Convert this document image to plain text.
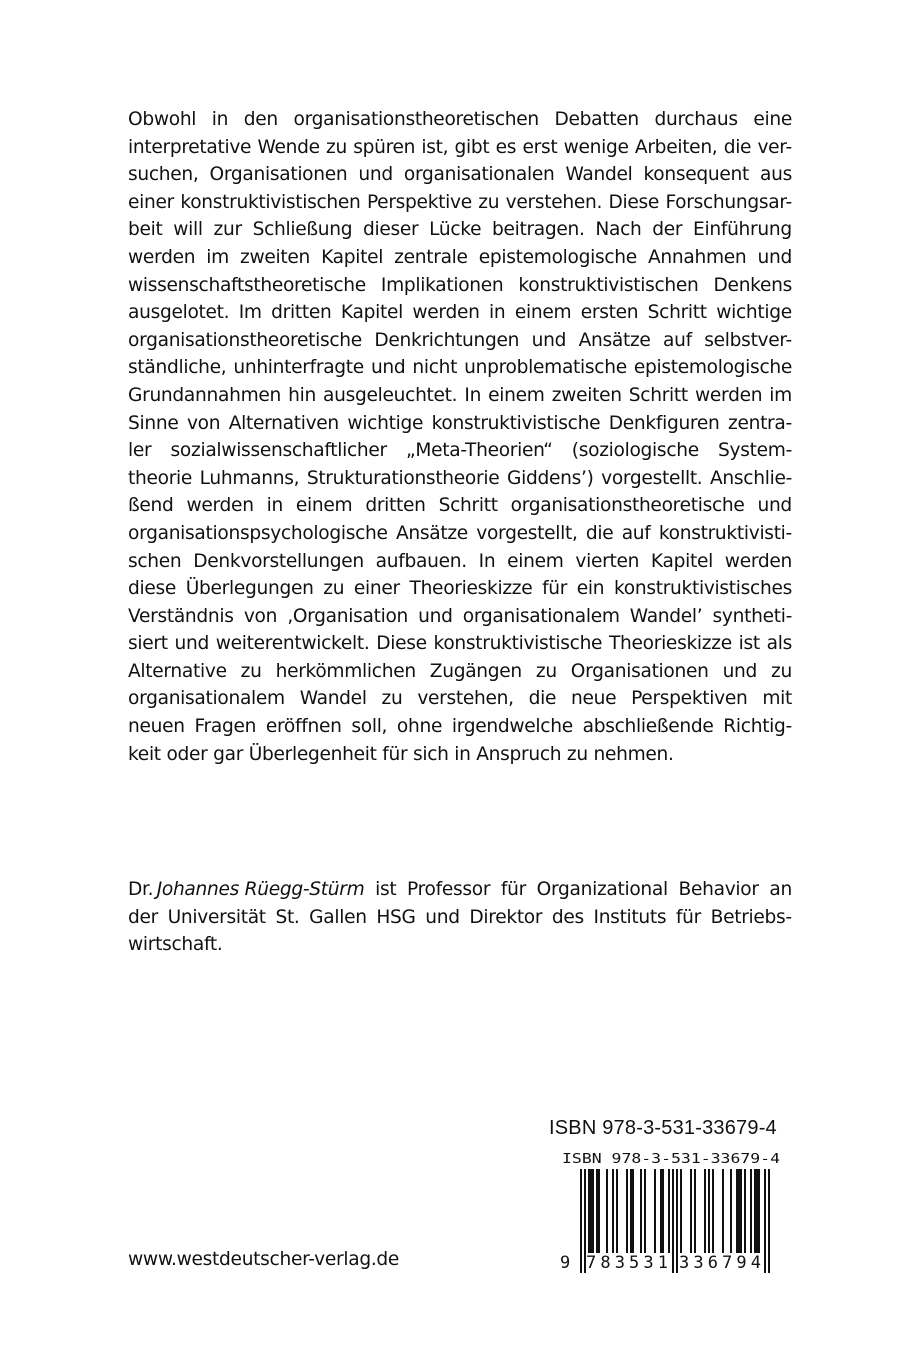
Obwohl in den organisationstheoretischen Debatten durchaus eine
interpretative Wende zu spüren ist, gibt es erst wenige Arbeiten, die ver-
suchen, Organisationen und organisationalen Wandel konsequent aus
einer konstruktivistischen Perspektive zu verstehen. Diese Forschungsar-
beit will zur Schließung dieser Lücke beitragen. Nach der Einführung
werden im zweiten Kapitel zentrale epistemologische Annahmen und
wissenschaftstheoretische Implikationen konstruktivistischen Denkens
ausgelotet. Im dritten Kapitel werden in einem ersten Schritt wichtige
organisationstheoretische Denkrichtungen und Ansätze auf selbstver-
ständliche, unhinterfragte und nicht unproblematische epistemologische
Grundannahmen hin ausgeleuchtet. In einem zweiten Schritt werden im
Sinne von Alternativen wichtige konstruktivistische Denkfiguren zentra-
ler sozialwissenschaftlicher „Meta-Theorien“ (soziologische System-
theorie Luhmanns, Strukturationstheorie Giddens’) vorgestellt. Anschlie-
ßend werden in einem dritten Schritt organisationstheoretische und
organisationspsychologische Ansätze vorgestellt, die auf konstruktivisti-
schen Denkvorstellungen aufbauen. In einem vierten Kapitel werden
diese Überlegungen zu einer Theorieskizze für ein konstruktivistisches
Verständnis von ‚Organisation und organisationalem Wandel’ syntheti-
siert und weiterentwickelt. Diese konstruktivistische Theorieskizze ist als
Alternative zu herkömmlichen Zugängen zu Organisationen und zu
organisationalem Wandel zu verstehen, die neue Perspektiven mit
neuen Fragen eröffnen soll, ohne irgendwelche abschließende Richtig-
keit
oder
gar
Überlegenheit
für
sich
in
Anspruch
zu
nehmen.
Dr.  Johannes Rüegg-Stürm ist Professor für Organizational Behavior an
der Universität St. Gallen HSG und Direktor des Instituts für Betriebs-
wirtschaft.
ISBN 978-3-531-33679-4
ISBN 978-3-531-33679-4
9 783531 336794
www.westdeutscher-verlag.de
